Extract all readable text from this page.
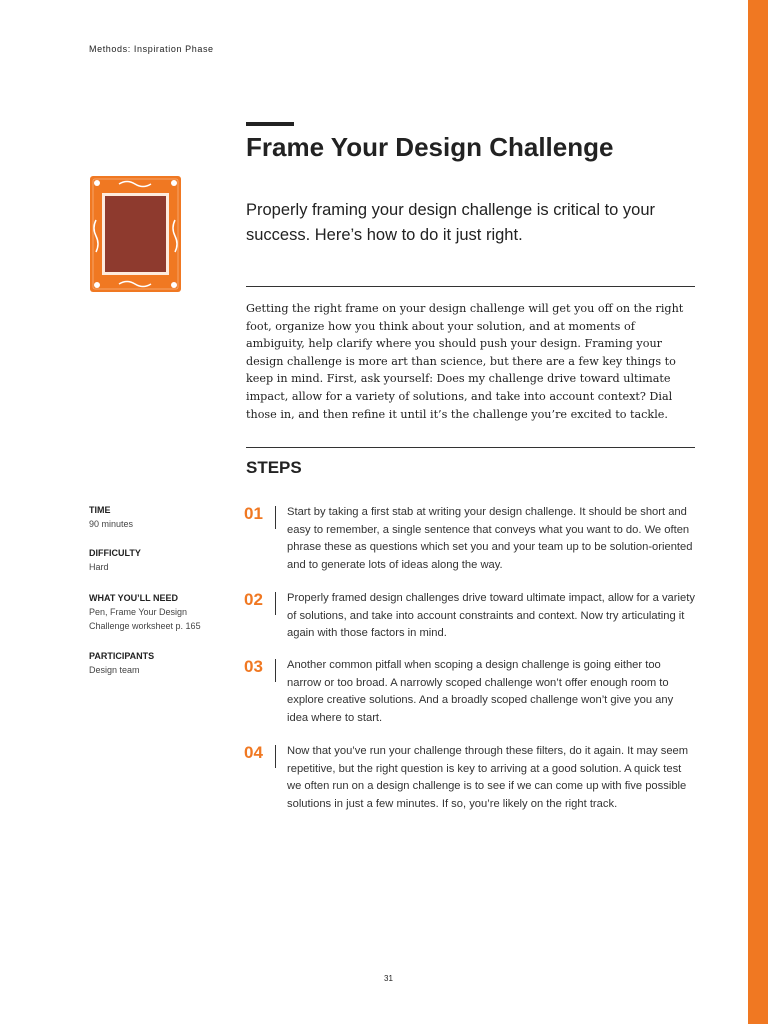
Methods: Inspiration Phase
Frame Your Design Challenge

Properly framing your design challenge is critical to your success. Here’s how to do it just right.

Getting the right frame on your design challenge will get you off on the right foot, organize how you think about your solution, and at moments of ambiguity, help clarify where you should push your design. Framing your design challenge is more art than science, but there are a few key things to keep in mind. First, ask yourself: Does my challenge drive toward ultimate impact, allow for a variety of solutions, and take into account context? Dial those in, and then refine it until it’s the challenge you’re excited to tackle.

STEPS
TIME
90 minutes
DIFFICULTY
Hard
WHAT YOU’LL NEED
Pen, Frame Your Design Challenge worksheet p. 165
PARTICIPANTS
Design team
01 Start by taking a first stab at writing your design challenge. It should be short and easy to remember, a single sentence that conveys what you want to do. We often phrase these as questions which set you and your team up to be solution-oriented and to generate lots of ideas along the way.
02 Properly framed design challenges drive toward ultimate impact, allow for a variety of solutions, and take into account constraints and context. Now try articulating it again with those factors in mind.
03 Another common pitfall when scoping a design challenge is going either too narrow or too broad. A narrowly scoped challenge won’t offer enough room to explore creative solutions. And a broadly scoped challenge won’t give you any idea where to start.
04 Now that you’ve run your challenge through these filters, do it again. It may seem repetitive, but the right question is key to arriving at a good solution. A quick test we often run on a design challenge is to see if we can come up with five possible solutions in just a few minutes. If so, you’re likely on the right track.
31
